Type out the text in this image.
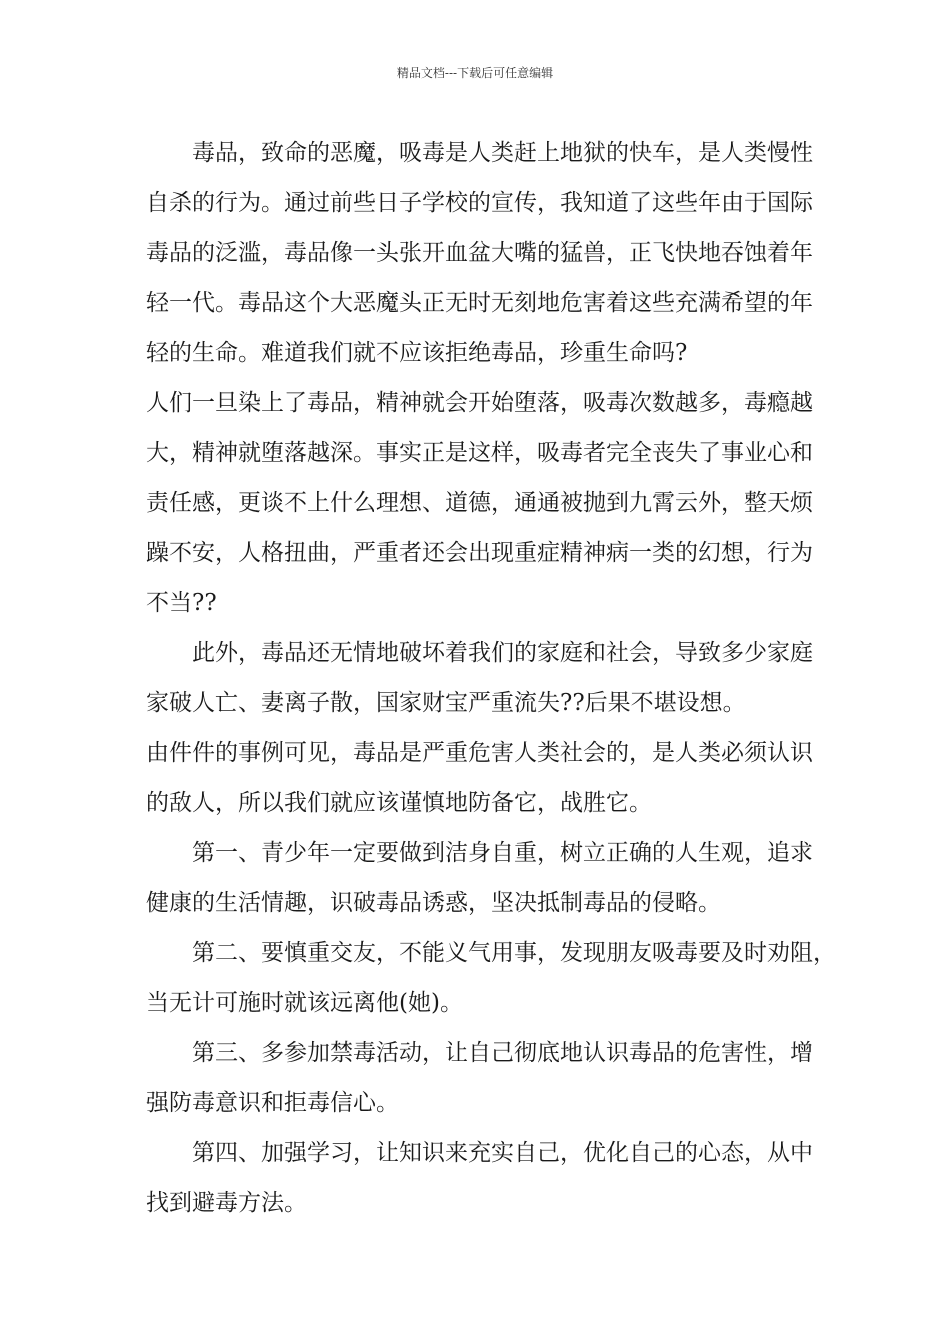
精品文档---下载后可任意编辑
毒品，致命的恶魔，吸毒是人类赶上地狱的快车，是人类慢性
自杀的行为。通过前些日子学校的宣传，我知道了这些年由于国际
毒品的泛滥，毒品像一头张开血盆大嘴的猛兽，正飞快地吞蚀着年
轻一代。毒品这个大恶魔头正无时无刻地危害着这些充满希望的年
轻的生命。难道我们就不应该拒绝毒品，珍重生命吗?
人们一旦染上了毒品，精神就会开始堕落，吸毒次数越多，毒瘾越
大，精神就堕落越深。事实正是这样，吸毒者完全丧失了事业心和
责任感，更谈不上什么理想、道德，通通被抛到九霄云外，整天烦
躁不安，人格扭曲，严重者还会出现重症精神病一类的幻想，行为
不当??
此外，毒品还无情地破坏着我们的家庭和社会，导致多少家庭
家破人亡、妻离子散，国家财宝严重流失??后果不堪设想。
由件件的事例可见，毒品是严重危害人类社会的，是人类必须认识
的敌人，所以我们就应该谨慎地防备它，战胜它。
第一、青少年一定要做到洁身自重，树立正确的人生观，追求
健康的生活情趣，识破毒品诱惑，坚决抵制毒品的侵略。
第二、要慎重交友，不能义气用事，发现朋友吸毒要及时劝阻，
当无计可施时就该远离他(她)。
第三、多参加禁毒活动，让自己彻底地认识毒品的危害性，增
强防毒意识和拒毒信心。
第四、加强学习，让知识来充实自己，优化自己的心态，从中
找到避毒方法。
